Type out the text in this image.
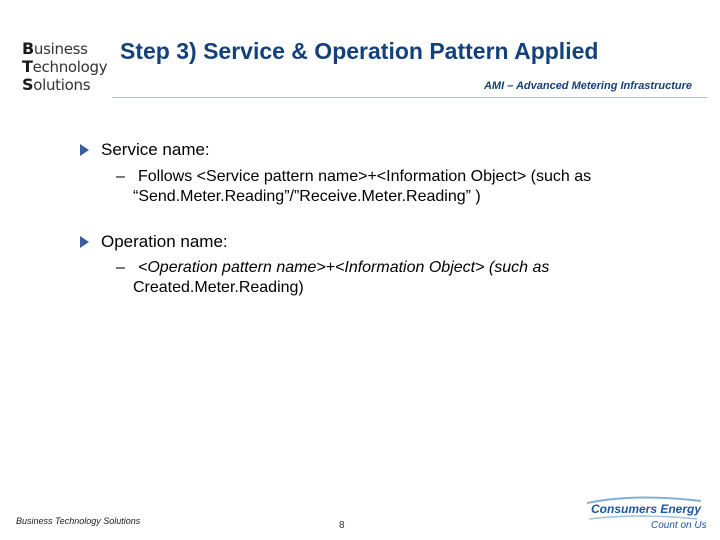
Business
Technology
Solutions
Step 3) Service & Operation Pattern Applied
AMI – Advanced Metering Infrastructure
Service name:
– Follows <Service pattern name>+<Information Object> (such as
“Send.Meter.Reading”/”Receive.Meter.Reading” )
Operation name:
– <Operation pattern name>+<Information Object> (such as
Created.Meter.Reading)
Business Technology Solutions	8
Consumers Energy
Count on Us
